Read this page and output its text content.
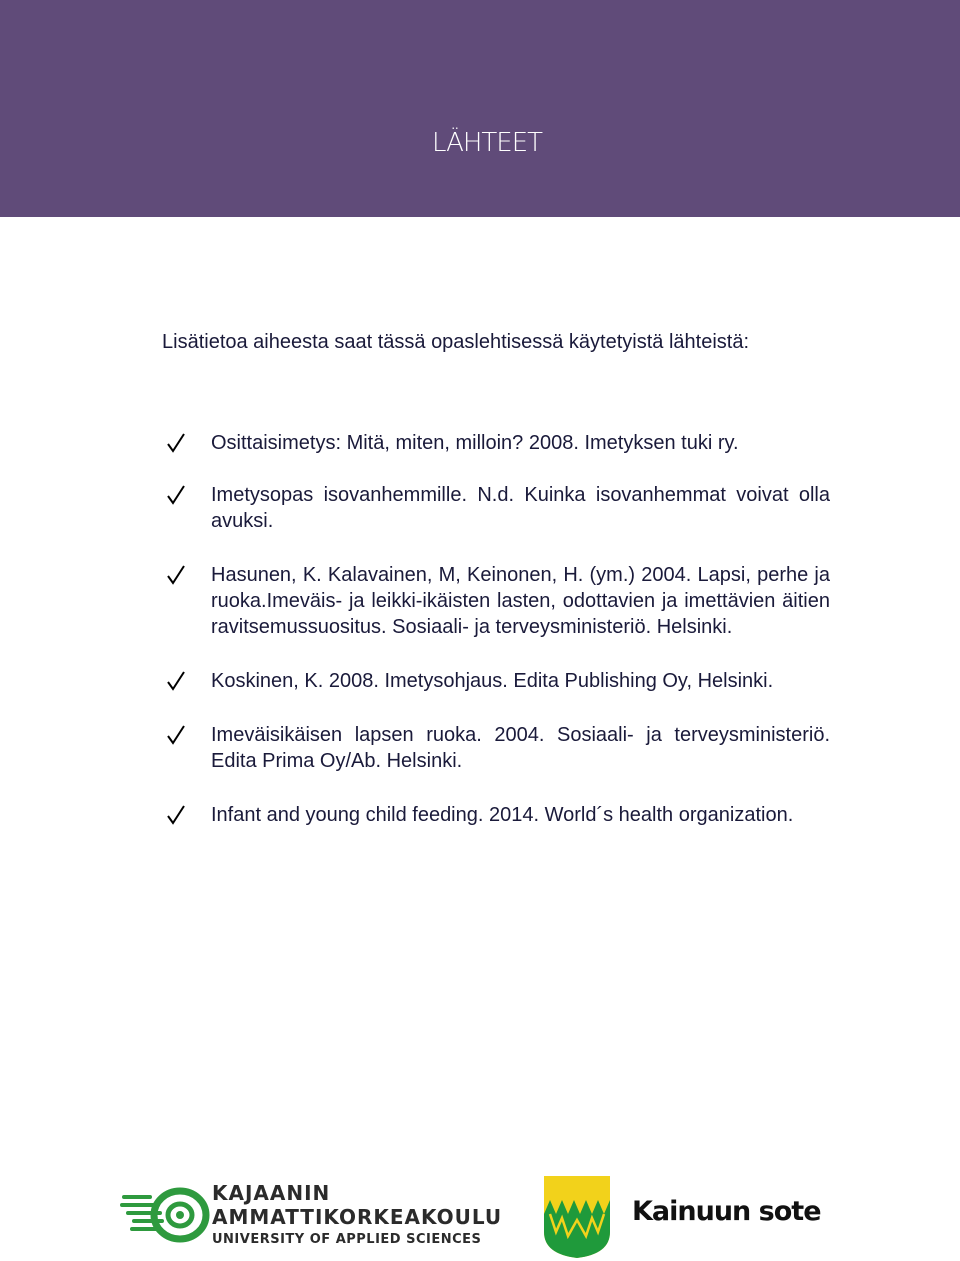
LÄHTEET
Lisätietoa aiheesta saat tässä opaslehtisessä käytetyistä lähteistä:
Osittaisimetys: Mitä, miten, milloin? 2008. Imetyksen tuki ry.
Imetysopas isovanhemmille. N.d. Kuinka isovanhemmat voivat olla avuksi.
Hasunen, K. Kalavainen, M, Keinonen, H. (ym.) 2004. Lapsi, perhe ja ruoka.Imeväis- ja leikki-ikäisten lasten, odottavien ja imettävien äitien ravitsemussuositus. Sosiaali- ja terveysministeriö. Helsinki.
Koskinen, K. 2008. Imetysohjaus. Edita Publishing Oy, Helsinki.
Imeväisikäisen lapsen ruoka. 2004. Sosiaali- ja terveysministeriö. Edita Prima Oy/Ab. Helsinki.
Infant and young child feeding. 2014. World´s health organization.
KAJAANIN
AMMATTIKORKEAKOULU
UNIVERSITY OF APPLIED SCIENCES
Kainuun sote
